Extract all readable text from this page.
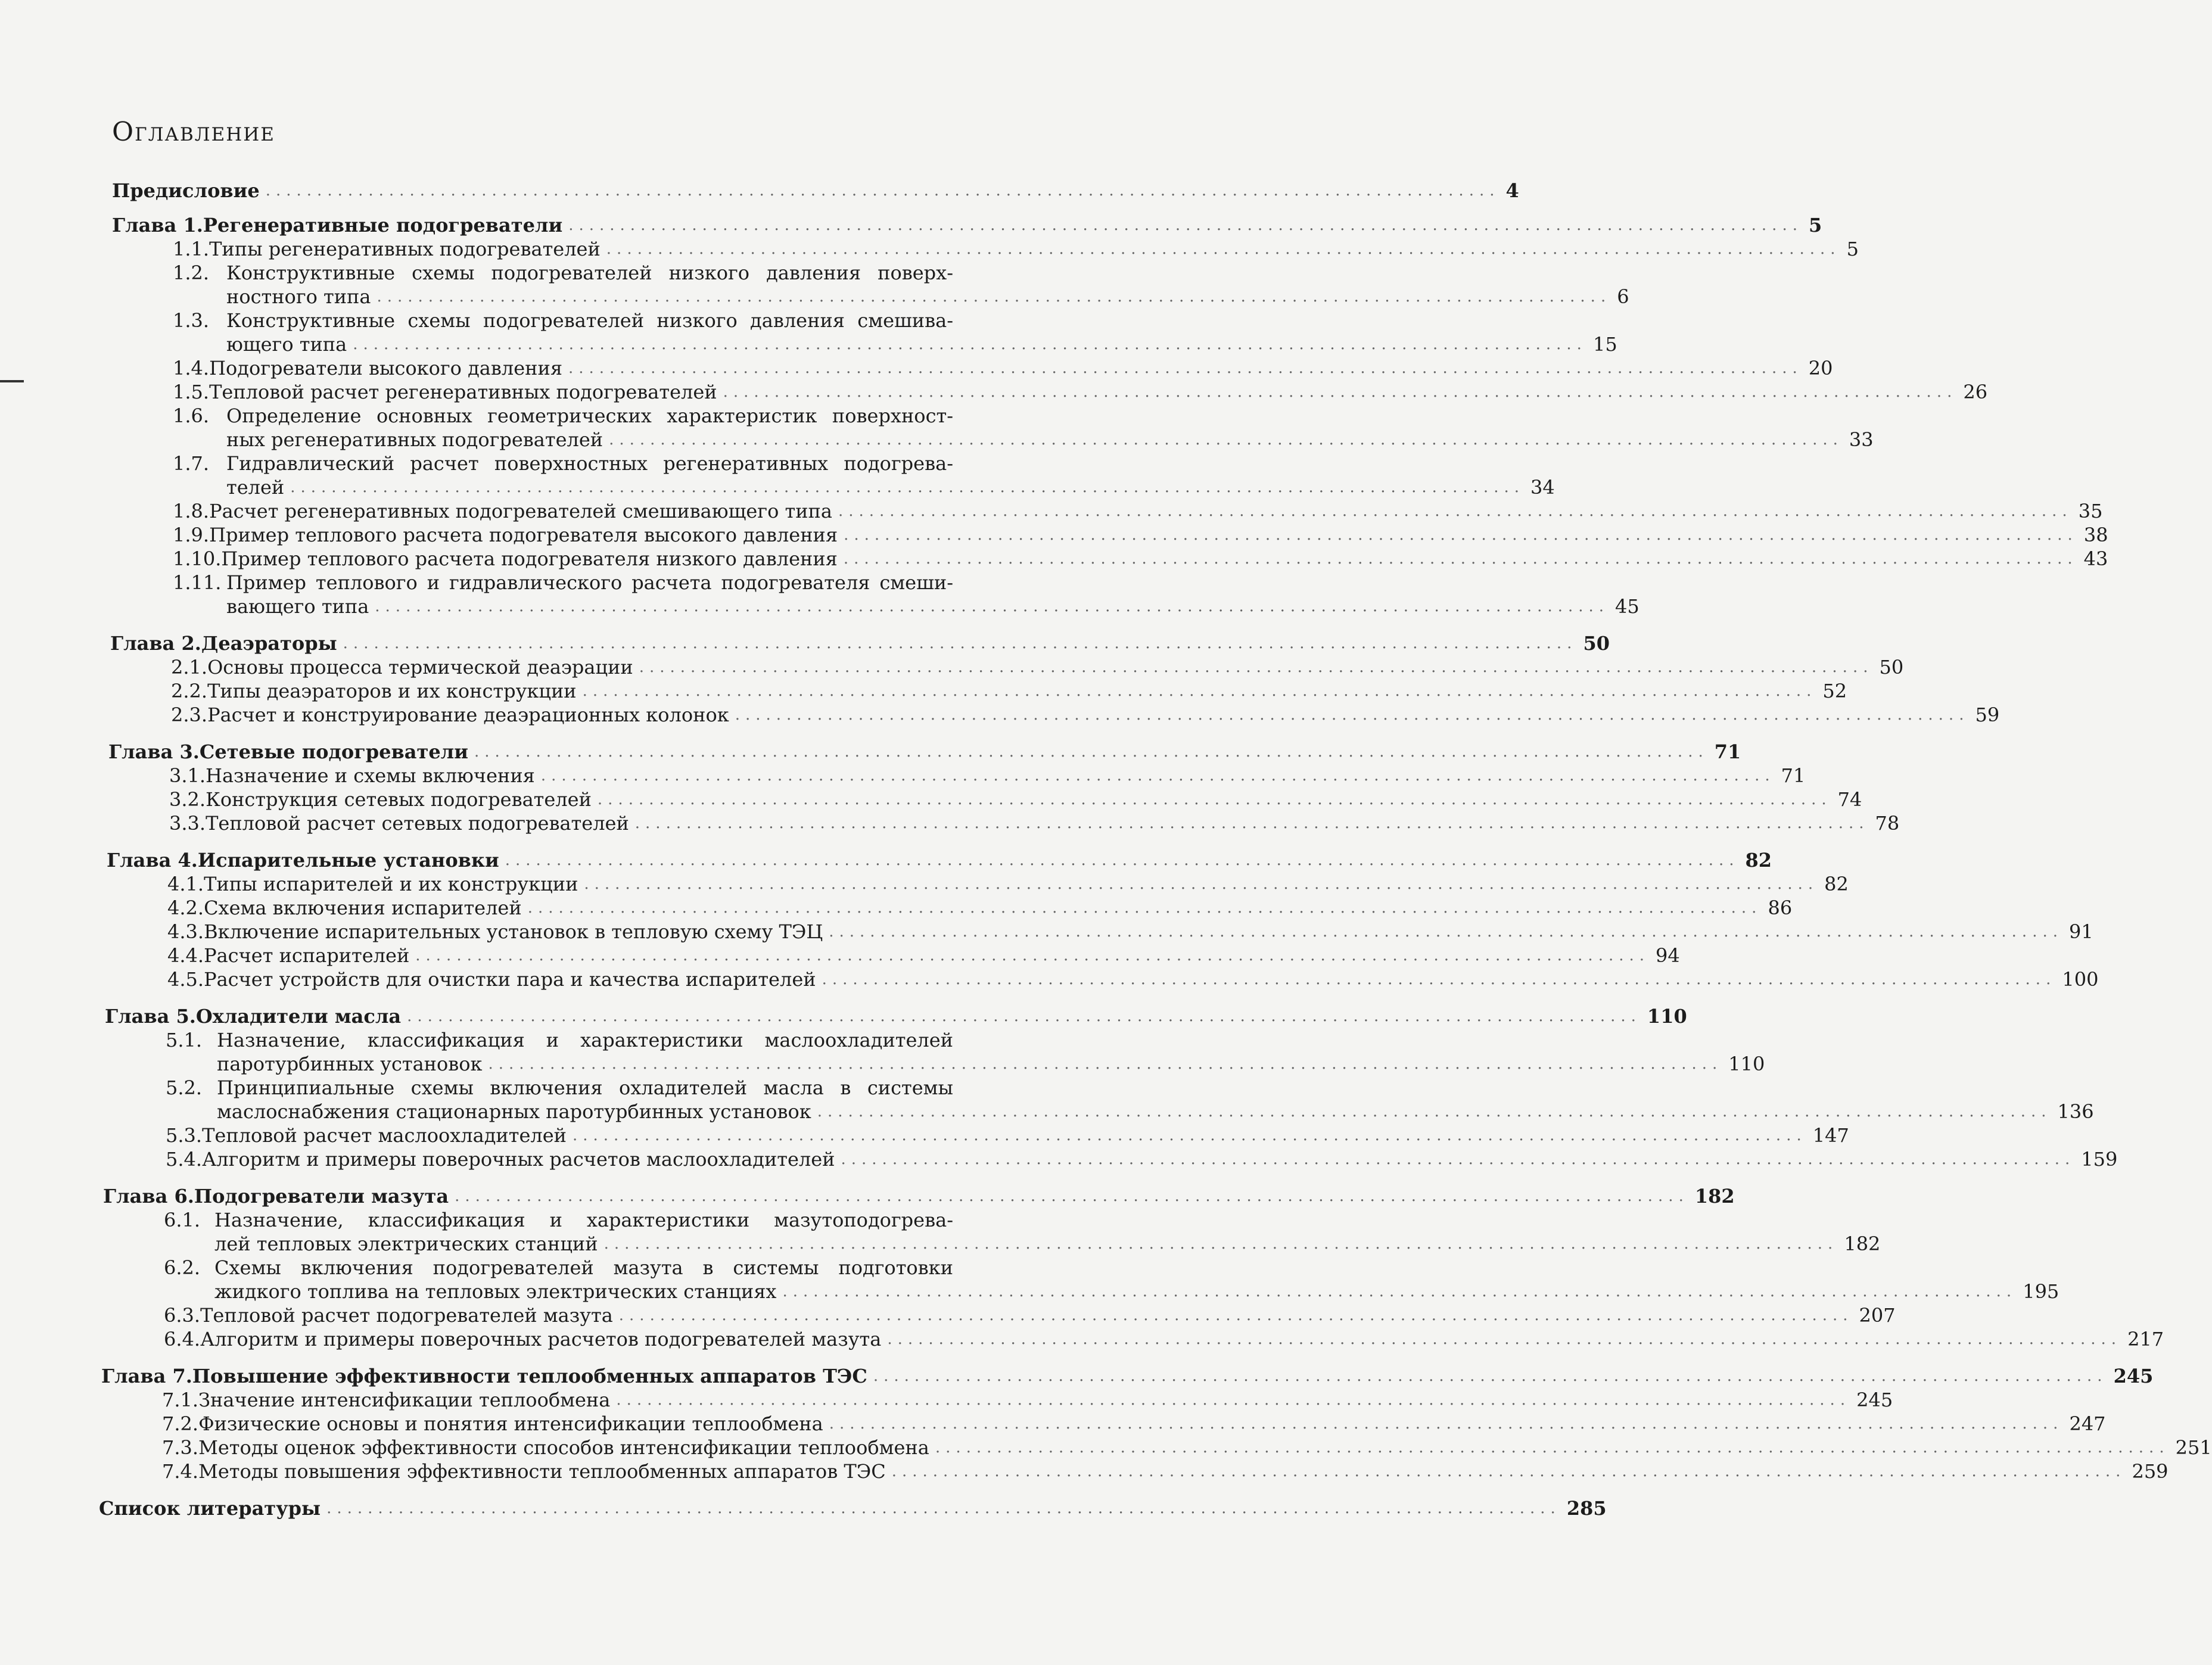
Оглавление
Предисловие ........................................................................................................................ 4
Глава 1. Регенеративные подогреватели ........................................................................................................................ 5
1.1. Типы регенеративных подогревателей ........................................................................................................................ 5
1.2. Конструктивные схемы подогревателей низкого давления поверх-
ностного типа ........................................................................................................................ 6
1.3. Конструктивные схемы подогревателей низкого давления смешива-
ющего типа ........................................................................................................................ 15
1.4. Подогреватели высокого давления ........................................................................................................................ 20
1.5. Тепловой расчет регенеративных подогревателей ........................................................................................................................ 26
1.6. Определение основных геометрических характеристик поверхност-
ных регенеративных подогревателей ........................................................................................................................ 33
1.7. Гидравлический расчет поверхностных регенеративных подогрева-
телей ........................................................................................................................ 34
1.8. Расчет регенеративных подогревателей смешивающего типа ........................................................................................................................ 35
1.9. Пример теплового расчета подогревателя высокого давления ........................................................................................................................ 38
1.10. Пример теплового расчета подогревателя низкого давления ........................................................................................................................ 43
1.11. Пример теплового и гидравлического расчета подогревателя смеши-
вающего типа ........................................................................................................................ 45
Глава 2. Деаэраторы ........................................................................................................................ 50
2.1. Основы процесса термической деаэрации ........................................................................................................................ 50
2.2. Типы деаэраторов и их конструкции ........................................................................................................................ 52
2.3. Расчет и конструирование деаэрационных колонок ........................................................................................................................ 59
Глава 3. Сетевые подогреватели ........................................................................................................................ 71
3.1. Назначение и схемы включения ........................................................................................................................ 71
3.2. Конструкция сетевых подогревателей ........................................................................................................................ 74
3.3. Тепловой расчет сетевых подогревателей ........................................................................................................................ 78
Глава 4. Испарительные установки ........................................................................................................................ 82
4.1. Типы испарителей и их конструкции ........................................................................................................................ 82
4.2. Схема включения испарителей ........................................................................................................................ 86
4.3. Включение испарительных установок в тепловую схему ТЭЦ ........................................................................................................................ 91
4.4. Расчет испарителей ........................................................................................................................ 94
4.5. Расчет устройств для очистки пара и качества испарителей ........................................................................................................................ 100
Глава 5. Охладители масла ........................................................................................................................ 110
5.1. Назначение, классификация и характеристики маслоохладителей
паротурбинных установок ........................................................................................................................ 110
5.2. Принципиальные схемы включения охладителей масла в системы
маслоснабжения стационарных паротурбинных установок ........................................................................................................................ 136
5.3. Тепловой расчет маслоохладителей ........................................................................................................................ 147
5.4. Алгоритм и примеры поверочных расчетов маслоохладителей ........................................................................................................................ 159
Глава 6. Подогреватели мазута ........................................................................................................................ 182
6.1. Назначение, классификация и характеристики мазутоподогрева-
лей тепловых электрических станций ........................................................................................................................ 182
6.2. Схемы включения подогревателей мазута в системы подготовки
жидкого топлива на тепловых электрических станциях ........................................................................................................................ 195
6.3. Тепловой расчет подогревателей мазута ........................................................................................................................ 207
6.4. Алгоритм и примеры поверочных расчетов подогревателей мазута ........................................................................................................................ 217
Глава 7. Повышение эффективности теплообменных аппаратов ТЭС ........................................................................................................................ 245
7.1. Значение интенсификации теплообмена ........................................................................................................................ 245
7.2. Физические основы и понятия интенсификации теплообмена ........................................................................................................................ 247
7.3. Методы оценок эффективности способов интенсификации теплообмена ........................................................................................................................ 251
7.4. Методы повышения эффективности теплообменных аппаратов ТЭС ........................................................................................................................ 259
Список литературы ........................................................................................................................ 285
